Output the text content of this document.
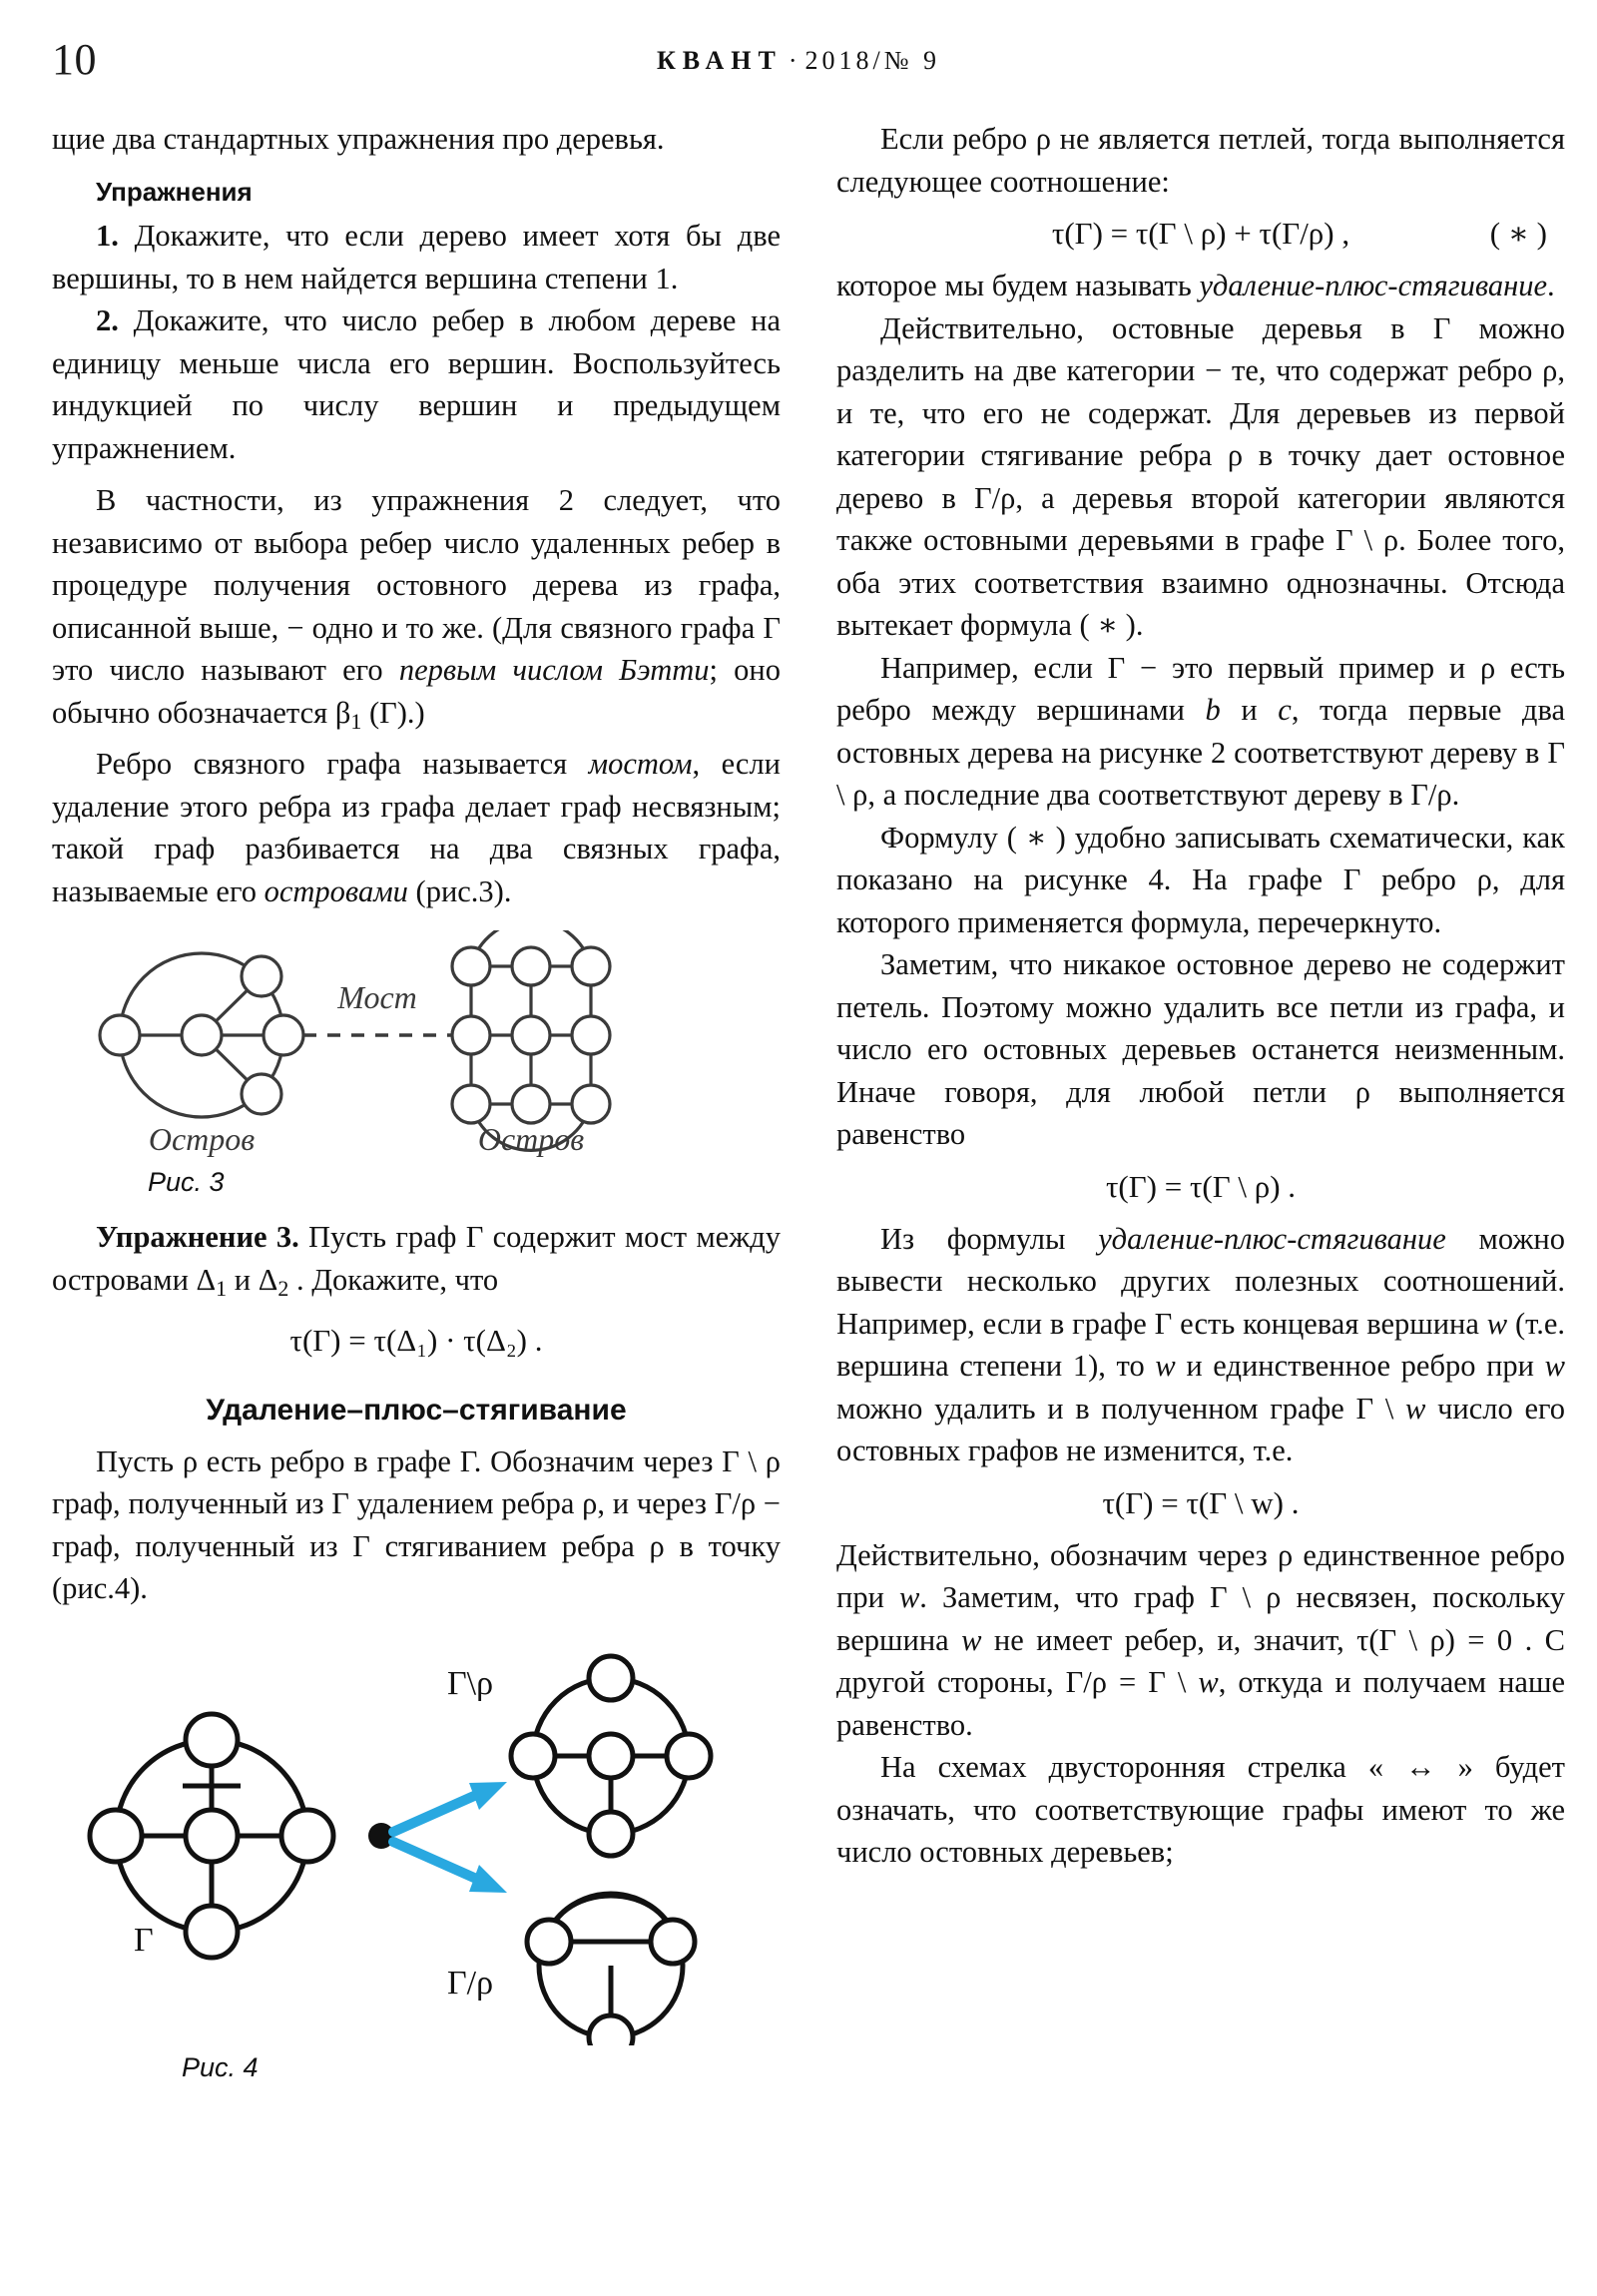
10	КВАНТ · 2018/№ 9

щие два стандартных упражнения про деревья.

Упражнения

1. Докажите, что если дерево имеет хотя бы две вершины, то в нем найдется вершина степени 1.

2. Докажите, что число ребер в любом дереве на единицу меньше числа его вершин. Воспользуйтесь индукцией по числу вершин и предыдущем упражнением.

В частности, из упражнения 2 следует, что независимо от выбора ребер число удаленных ребер в процедуре получения остовного дерева из графа, описанной выше, − одно и то же. (Для связного графа Γ это число называют его первым числом Бэтти; оно обычно обозначается $\beta_1$ (Γ).)

Ребро связного графа называется мостом, если удаление этого ребра из графа делает граф несвязным; такой граф разбивается на два связных графа, называемые его островами (рис.3).

Мост
Остров	Остров
Рис. 3

Упражнение 3. Пусть граф Γ содержит мост между островами $\Delta_1$ и $\Delta_2$ . Докажите, что

τ(Γ) = τ(Δ₁) · τ(Δ₂) .
Удаление–плюс–стягивание

Пусть ρ есть ребро в графе Γ. Обозначим через Γ \ ρ граф, полученный из Γ удалением ребра ρ, и через Γ/ρ − граф, полученный из Γ стягиванием ребра ρ в точку (рис.4).

Γ
Γ\ρ
Γ/ρ
Рис. 4

Если ребро ρ не является петлей, тогда выполняется следующее соотношение:

τ(Γ) = τ(Γ \ ρ) + τ(Γ/ρ) ,	( ∗ )

которое мы будем называть удаление-плюс-стягивание.

Действительно, остовные деревья в Γ можно разделить на две категории − те, что содержат ребро ρ, и те, что его не содержат. Для деревьев из первой категории стягивание ребра ρ в точку дает остовное дерево в Г/ρ, а деревья второй категории являются также остовными деревьями в графе Γ \ ρ. Более того, оба этих соответствия взаимно однозначны. Отсюда вытекает формула ( ∗ ).

Например, если Γ − это первый пример и ρ есть ребро между вершинами b и c, тогда первые два остовных дерева на рисунке 2 соответствуют дереву в Γ \ ρ, а последние два соответствуют дереву в Γ/ρ.

Формулу ( ∗ ) удобно записывать схематически, как показано на рисунке 4. На графе Γ ребро ρ, для которого применяется формула, перечеркнуто.

Заметим, что никакое остовное дерево не содержит петель. Поэтому можно удалить все петли из графа, и число его остовных деревьев останется неизменным. Иначе говоря, для любой петли ρ выполняется равенство

τ(Γ) = τ(Γ \ ρ) .

Из формулы удаление-плюс-стягивание можно вывести несколько других полезных соотношений. Например, если в графе Γ есть концевая вершина w (т.е. вершина степени 1), то w и единственное ребро при w можно удалить и в полученном графе Γ \ w число его остовных графов не изменится, т.е.

τ(Γ) = τ(Γ \ w) .

Действительно, обозначим через ρ единственное ребро при w. Заметим, что граф Γ \ ρ несвязен, поскольку вершина w не имеет ребер, и, значит, τ(Γ \ ρ) = 0 . С другой стороны, Γ/ρ = Γ \ w, откуда и получаем наше равенство.

На схемах двусторонняя стрелка « ↔ » будет означать, что соответствующие графы имеют то же число остовных деревьев;
